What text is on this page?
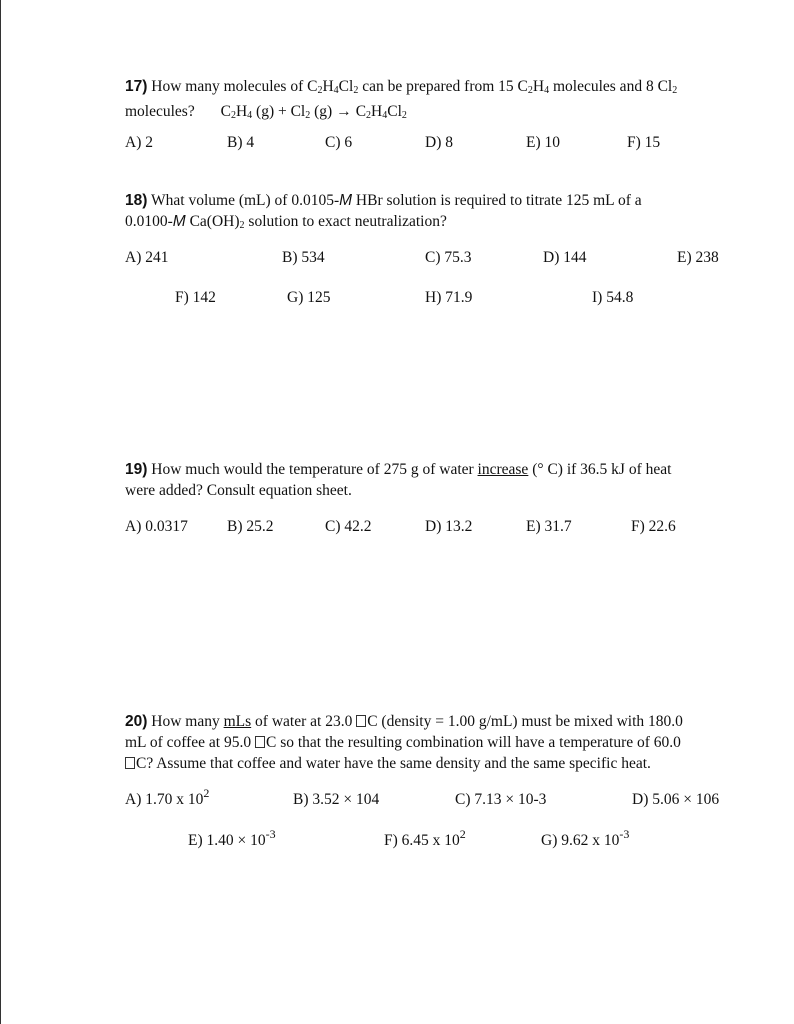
17) How many molecules of $C_2H_4Cl_2$ can be prepared from 15 $C_2H_4$ molecules and 8 $Cl_2$
molecules? $C_2H_4$ $(g) + Cl_2$ $(g) \to C_2H_4Cl_2$
A) 2	B) 4	C) 6	D) 8	E) 10	F) 15
18) What volume (mL) of 0.0105-M HBr solution is required to titrate 125 mL of a
0.0100-M $Ca(OH)_2$ solution to exact neutralization?
A) 241	B) 534	C) 75.3	D) 144	E) 238
F) 142	G) 125	H) 71.9	I) 54.8
19) How much would the temperature of 275 g of water increase (° C) if 36.5 kJ of heat
were added? Consult equation sheet.
A) 0.0317	B) 25.2	C) 42.2	D) 13.2	E) 31.7	F) 22.6
20) How many mLs of water at 23.0 C (density = 1.00 g/mL) must be mixed with 180.0
mL of coffee at 95.0 C so that the resulting combination will have a temperature of 60.0
C? Assume that coffee and water have the same density and the same specific heat.
A) 1.70 x $10^2$	B) 3.52 × 104	C) 7.13 × 10-3	D) 5.06 × 106
E) $1.40 \times 10^{-3}$	F) 6.45 x $10^2$	G) 9.62 x $10^{-3}$
